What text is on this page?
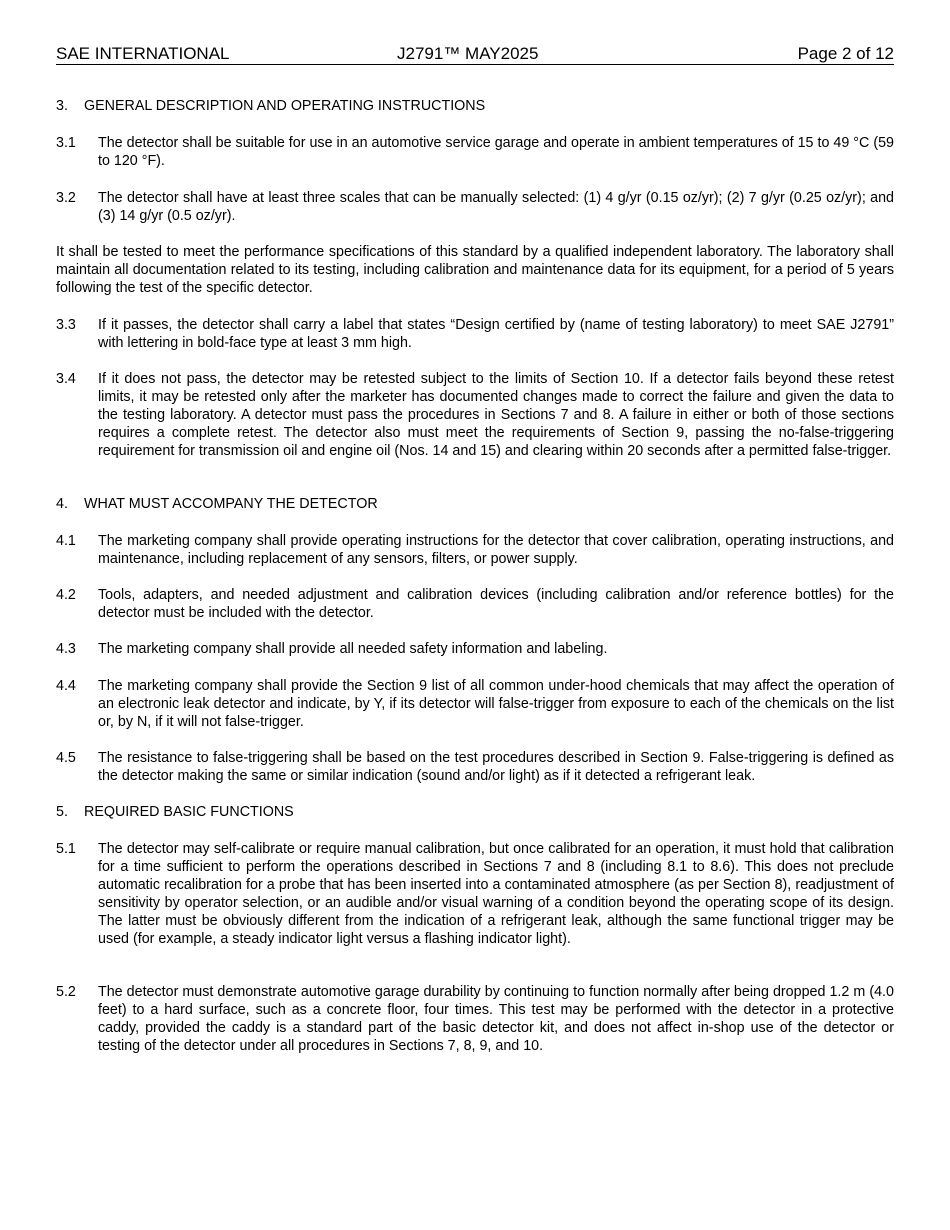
SAE INTERNATIONAL	J2791™ MAY2025	Page 2 of 12
3. GENERAL DESCRIPTION AND OPERATING INSTRUCTIONS
3.1 The detector shall be suitable for use in an automotive service garage and operate in ambient temperatures of 15 to 49 °C (59 to 120 °F).
3.2 The detector shall have at least three scales that can be manually selected: (1) 4 g/yr (0.15 oz/yr); (2) 7 g/yr (0.25 oz/yr); and (3) 14 g/yr (0.5 oz/yr).
It shall be tested to meet the performance specifications of this standard by a qualified independent laboratory. The laboratory shall maintain all documentation related to its testing, including calibration and maintenance data for its equipment, for a period of 5 years following the test of the specific detector.
3.3 If it passes, the detector shall carry a label that states “Design certified by (name of testing laboratory) to meet SAE J2791” with lettering in bold-face type at least 3 mm high.
3.4 If it does not pass, the detector may be retested subject to the limits of Section 10. If a detector fails beyond these retest limits, it may be retested only after the marketer has documented changes made to correct the failure and given the data to the testing laboratory. A detector must pass the procedures in Sections 7 and 8. A failure in either or both of those sections requires a complete retest. The detector also must meet the requirements of Section 9, passing the no-false-triggering requirement for transmission oil and engine oil (Nos. 14 and 15) and clearing within 20 seconds after a permitted false-trigger.
4. WHAT MUST ACCOMPANY THE DETECTOR
4.1 The marketing company shall provide operating instructions for the detector that cover calibration, operating instructions, and maintenance, including replacement of any sensors, filters, or power supply.
4.2 Tools, adapters, and needed adjustment and calibration devices (including calibration and/or reference bottles) for the detector must be included with the detector.
4.3 The marketing company shall provide all needed safety information and labeling.
4.4 The marketing company shall provide the Section 9 list of all common under-hood chemicals that may affect the operation of an electronic leak detector and indicate, by Y, if its detector will false-trigger from exposure to each of the chemicals on the list or, by N, if it will not false-trigger.
4.5 The resistance to false-triggering shall be based on the test procedures described in Section 9. False-triggering is defined as the detector making the same or similar indication (sound and/or light) as if it detected a refrigerant leak.
5. REQUIRED BASIC FUNCTIONS
5.1 The detector may self-calibrate or require manual calibration, but once calibrated for an operation, it must hold that calibration for a time sufficient to perform the operations described in Sections 7 and 8 (including 8.1 to 8.6). This does not preclude automatic recalibration for a probe that has been inserted into a contaminated atmosphere (as per Section 8), readjustment of sensitivity by operator selection, or an audible and/or visual warning of a condition beyond the operating scope of its design. The latter must be obviously different from the indication of a refrigerant leak, although the same functional trigger may be used (for example, a steady indicator light versus a flashing indicator light).
5.2 The detector must demonstrate automotive garage durability by continuing to function normally after being dropped 1.2 m (4.0 feet) to a hard surface, such as a concrete floor, four times. This test may be performed with the detector in a protective caddy, provided the caddy is a standard part of the basic detector kit, and does not affect in-shop use of the detector or testing of the detector under all procedures in Sections 7, 8, 9, and 10.
